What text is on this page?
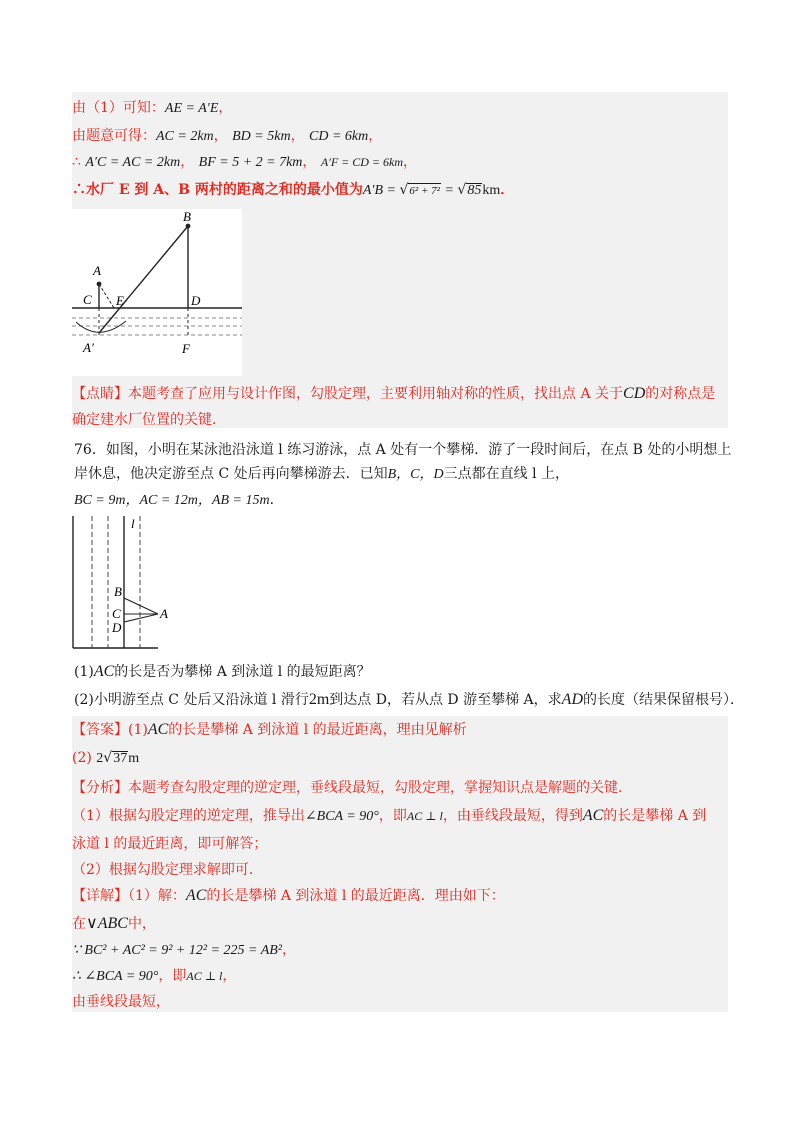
由（1）可知：AE = A′E，
由题意可得：AC = 2km， BD = 5km， CD = 6km，
∴ A′C = AC = 2km， BF = 5 + 2 = 7km， A′F = CD = 6km，
∴水厂 E 到 A、B 两村的距离之和的最小值为A′B = √6² + 7² = √85km．
B
A
C E	D
A′	F
【点睛】本题考查了应用与设计作图，勾股定理，主要利用轴对称的性质，找出点 A 关于CD的对称点是
确定建水厂位置的关键．
76．如图，小明在某泳池沿泳道 l 练习游泳，点 A 处有一个攀梯．游了一段时间后，在点 B 处的小明想上
岸休息，他决定游至点 C 处后再向攀梯游去．已知B，C，D三点都在直线 l 上，
BC = 9m，AC = 12m，AB = 15m．
l
B
C
D
A
(1)AC的长是否为攀梯 A 到泳道 l 的最短距离？
(2)小明游至点 C 处后又沿泳道 l 滑行2m到达点 D，若从点 D 游至攀梯 A，求AD的长度（结果保留根号）．
【答案】(1)AC的长是攀梯 A 到泳道 l 的最近距离，理由见解析
(2) 2√37m
【分析】本题考查勾股定理的逆定理，垂线段最短，勾股定理，掌握知识点是解题的关键．
（1）根据勾股定理的逆定理，推导出∠BCA = 90°，即AC ⊥ l，由垂线段最短，得到AC的长是攀梯 A 到
泳道 l 的最近距离，即可解答；
（2）根据勾股定理求解即可．
【详解】（1）解：AC的长是攀梯 A 到泳道 l 的最近距离．理由如下：
在∨ABC中，
∵ BC² + AC² = 9² + 12² = 225 = AB²，
∴ ∠BCA = 90°，即AC ⊥ l，
由垂线段最短，
